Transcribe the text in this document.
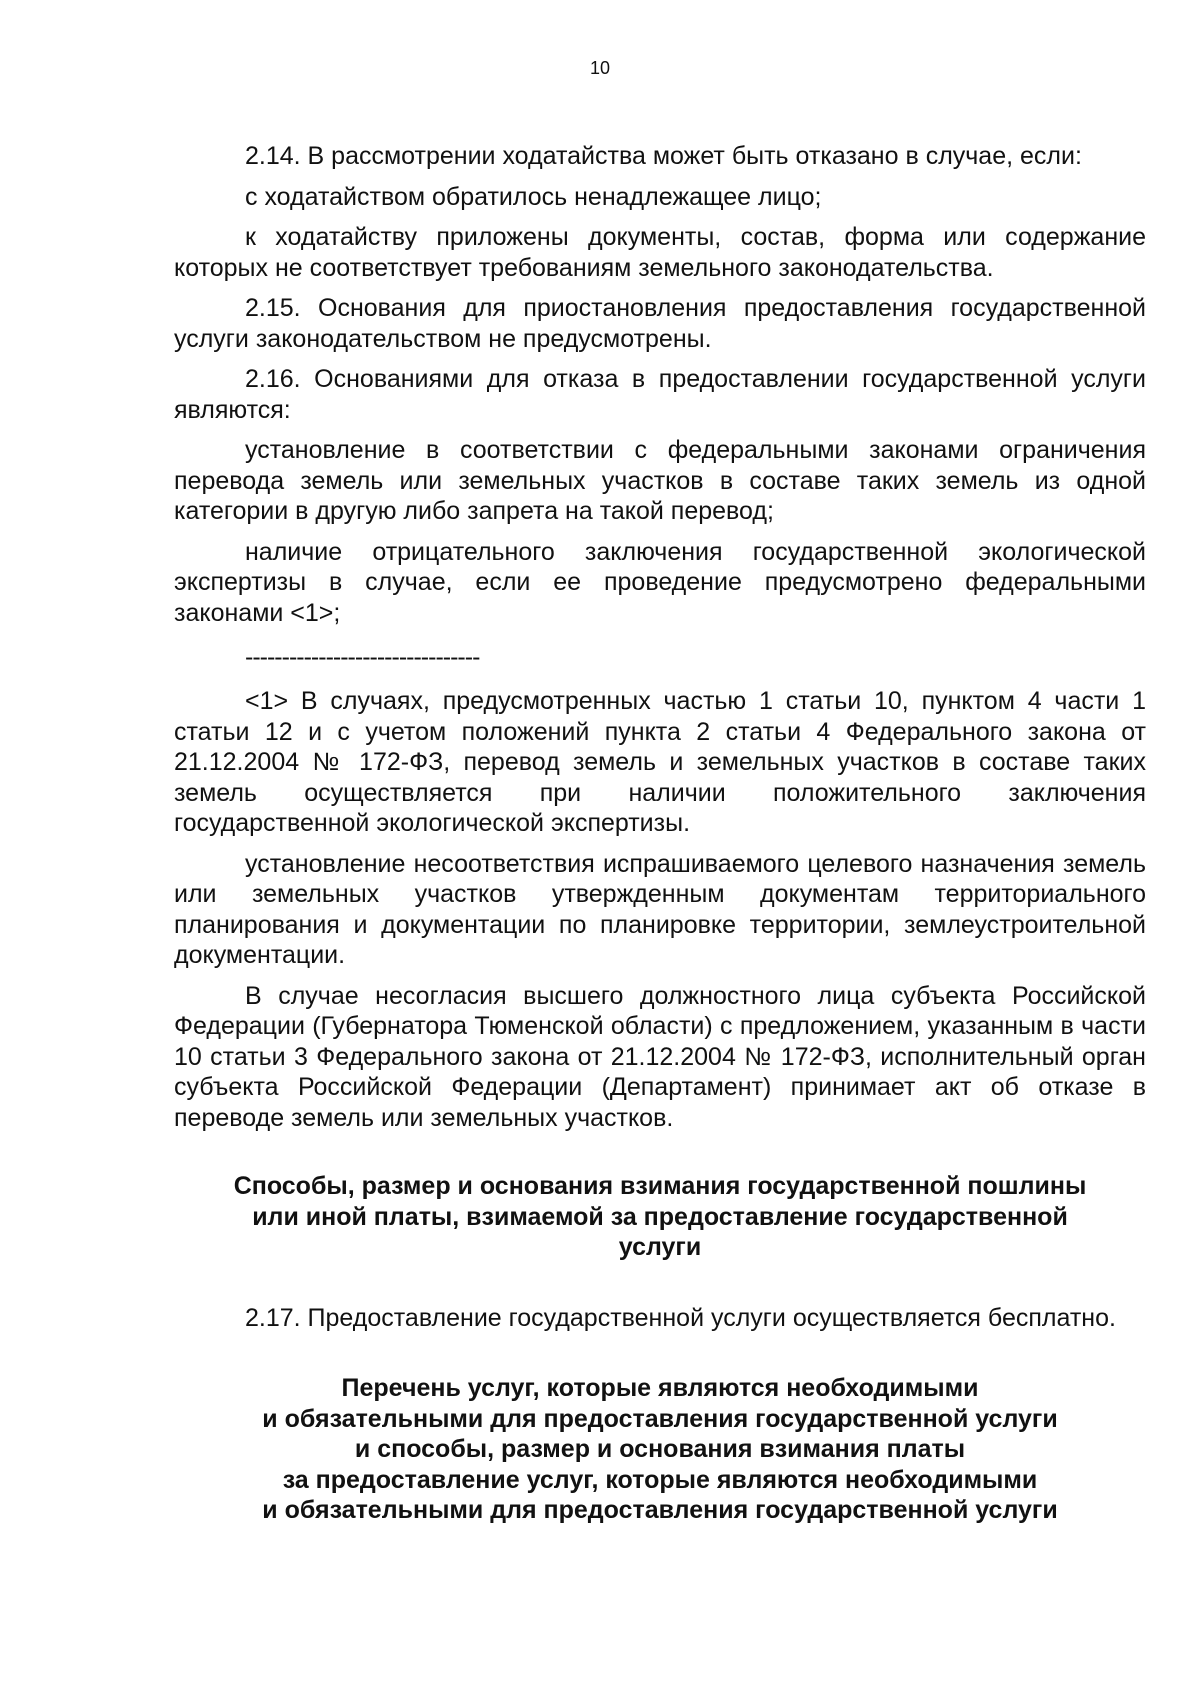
10

2.14. В рассмотрении ходатайства может быть отказано в случае, если:

с ходатайством обратилось ненадлежащее лицо;

к ходатайству приложены документы, состав, форма или содержание которых не соответствует требованиям земельного законодательства.

2.15. Основания для приостановления предоставления государственной услуги законодательством не предусмотрены.

2.16. Основаниями для отказа в предоставлении государственной услуги являются:

установление в соответствии с федеральными законами ограничения перевода земель или земельных участков в составе таких земель из одной категории в другую либо запрета на такой перевод;

наличие отрицательного заключения государственной экологической экспертизы в случае, если ее проведение предусмотрено федеральными законами <1>;

--------------------------------

<1> В случаях, предусмотренных частью 1 статьи 10, пунктом 4 части 1 статьи 12 и с учетом положений пункта 2 статьи 4 Федерального закона от 21.12.2004 № 172-ФЗ, перевод земель и земельных участков в составе таких земель осуществляется при наличии положительного заключения государственной экологической экспертизы.

установление несоответствия испрашиваемого целевого назначения земель или земельных участков утвержденным документам территориального планирования и документации по планировке территории, землеустроительной документации.

В случае несогласия высшего должностного лица субъекта Российской Федерации (Губернатора Тюменской области) с предложением, указанным в части 10 статьи 3 Федерального закона от 21.12.2004 № 172-ФЗ, исполнительный орган субъекта Российской Федерации (Департамент) принимает акт об отказе в переводе земель или земельных участков.

Способы, размер и основания взимания государственной пошлины
или иной платы, взимаемой за предоставление государственной
услуги

2.17. Предоставление государственной услуги осуществляется бесплатно.

Перечень услуг, которые являются необходимыми
и обязательными для предоставления государственной услуги
и способы, размер и основания взимания платы
за предоставление услуг, которые являются необходимыми
и обязательными для предоставления государственной услуги
